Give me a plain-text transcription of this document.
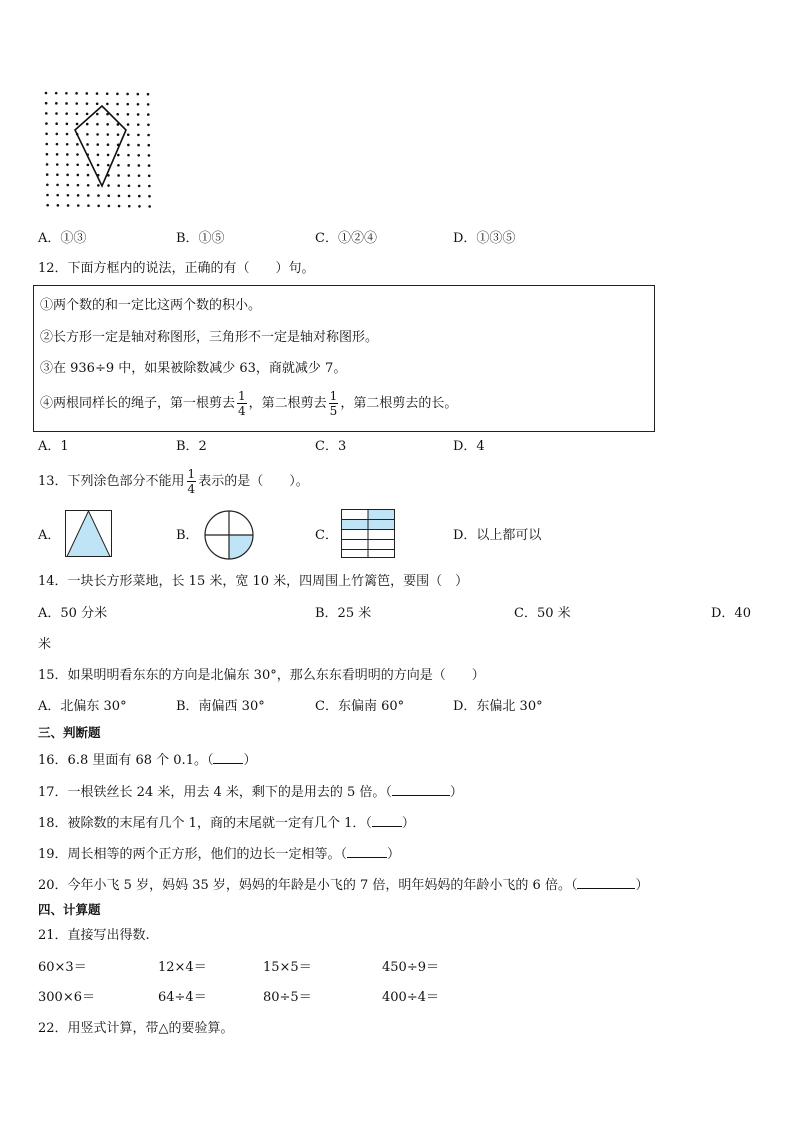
A．①③	B．①⑤	C．①②④	D．①③⑤
12．下面方框内的说法，正确的有（　　）句。
①两个数的和一定比这两个数的积小。
②长方形一定是轴对称图形，三角形不一定是轴对称图形。
③在 936÷9 中，如果被除数减少 63，商就减少 7。
④两根同样长的绳子，第一根剪去 $\frac{1}{4}$ ，第二根剪去 $\frac{1}{5}$ ，第二根剪去的长。
A．1	B．2	C．3	D．4
13．下列涂色部分不能用 $\frac{1}{4}$ 表示的是（　　）。
A．	B．	C．	D．以上都可以
14．一块长方形菜地，长 15 米，宽 10 米，四周围上竹篱笆，要围（　）
A．50 分米	B．25 米	C．50 米	D．40
米
15．如果明明看东东的方向是北偏东 30°，那么东东看明明的方向是（　　）
A．北偏东 30°	B．南偏西 30°	C．东偏南 60°	D．东偏北 30°
三、判断题
16．6.8 里面有 68 个 0.1。（ ）
17．一根铁丝长 24 米，用去 4 米，剩下的是用去的 5 倍。（	）
18．被除数的末尾有几个 1，商的末尾就一定有几个 1．（ ）
19．周长相等的两个正方形，他们的边长一定相等。（	）
20．今年小飞 5 岁，妈妈 35 岁，妈妈的年龄是小飞的 7 倍，明年妈妈的年龄小飞的 6 倍。（	）
四、计算题
21．直接写出得数.
60×3＝	12×4＝	15×5＝	450÷9＝
300×6＝	64÷4＝	80÷5＝	400÷4＝
22．用竖式计算，带△的要验算。
